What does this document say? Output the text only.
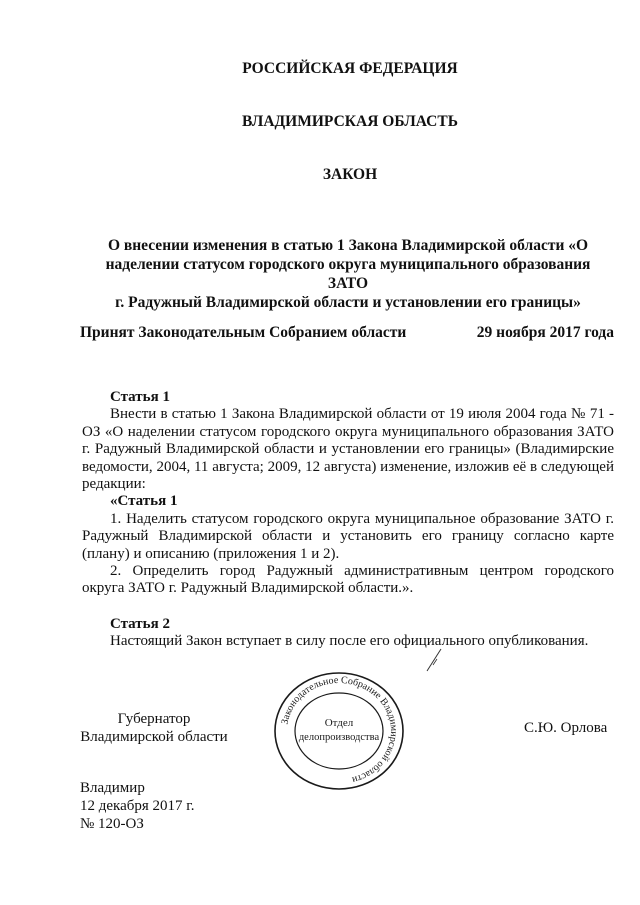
РОССИЙСКАЯ ФЕДЕРАЦИЯ
ВЛАДИМИРСКАЯ ОБЛАСТЬ
ЗАКОН
О внесении изменения в статью 1 Закона Владимирской области «О
наделении статусом городского округа муниципального образования ЗАТО
г. Радужный Владимирской области и установлении его границы»
Принят Законодательным Собранием области	29 ноября 2017 года

Статья 1

Внести в статью 1 Закона Владимирской области от 19 июля 2004 года № 71 - ОЗ «О наделении статусом городского округа муниципального образования ЗАТО г. Радужный Владимирской области и установлении его границы» (Владимирские ведомости, 2004, 11 августа; 2009, 12 августа) изменение, изложив её в следующей редакции:

«Статья 1

1. Наделить статусом городского округа муниципальное образование ЗАТО г. Радужный Владимирской области и установить его границу согласно карте (плану) и описанию (приложения 1 и 2).

2. Определить город Радужный административным центром городского округа ЗАТО г. Радужный Владимирской области.».

Статья 2

Настоящий Закон вступает в силу после его официального опубликования.

Губернатор
Владимирской области
Законодательное Собрание Владимирской области
Отдел
делопроизводства
С.Ю. Орлова
Владимир
12 декабря 2017 г.
№ 120-ОЗ
